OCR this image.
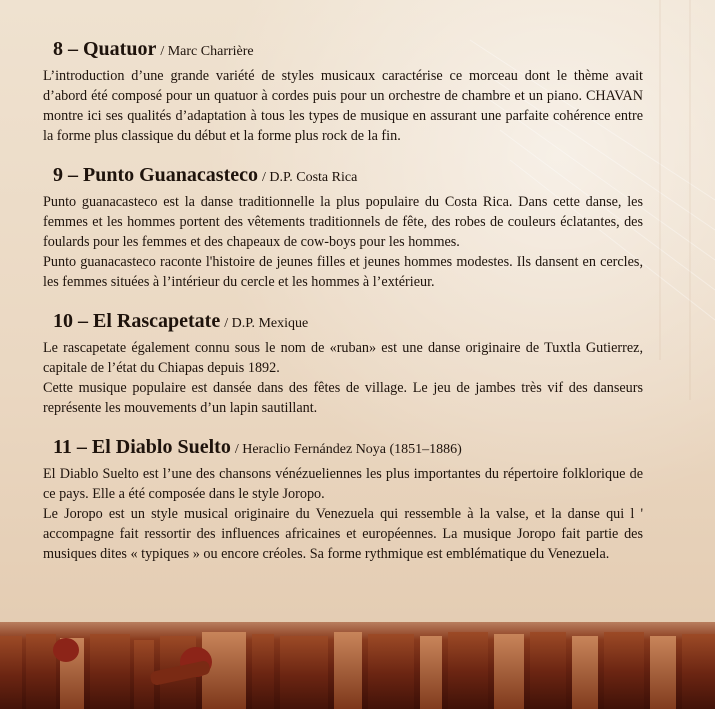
8 – Quatuor / Marc Charrière

L’introduction d’une grande variété de styles musicaux caractérise ce morceau dont le thème avait d’abord été composé pour un quatuor à cordes puis pour un orchestre de chambre et un piano. CHAVAN montre ici ses qualités d’adaptation à tous les types de musique en assurant une parfaite cohérence entre la forme plus classique du début et la forme plus rock de la fin.

9 – Punto Guanacasteco / D.P. Costa Rica

Punto guanacasteco est la danse traditionnelle la plus populaire du Costa Rica. Dans cette danse, les femmes et les hommes portent des vêtements traditionnels de fête, des robes de couleurs éclatantes, des foulards pour les femmes et des chapeaux de cow-boys pour les hommes.

Punto guanacasteco raconte l'histoire de jeunes filles et jeunes hommes modestes. Ils dansent en cercles, les femmes situées à l’intérieur du cercle et les hommes à l’extérieur.

10 – El Rascapetate / D.P. Mexique

Le rascapetate également connu sous le nom de «ruban» est une danse originaire de Tuxtla Gutierrez, capitale de l’état du Chiapas depuis 1892.

Cette musique populaire est dansée dans des fêtes de village. Le jeu de jambes très vif des danseurs représente les mouvements d’un lapin sautillant.

11 – El Diablo Suelto / Heraclio Fernández Noya (1851–1886)

El Diablo Suelto est l’une des chansons vénézueliennes les plus importantes du répertoire folklorique de ce pays. Elle a été composée dans le style Joropo.

Le Joropo est un style musical originaire du Venezuela qui ressemble à la valse, et la danse qui l ' accompagne fait ressortir des influences africaines et européennes. La musique Joropo fait partie des musiques dites « typiques » ou encore créoles. Sa forme rythmique est emblématique du Venezuela.
